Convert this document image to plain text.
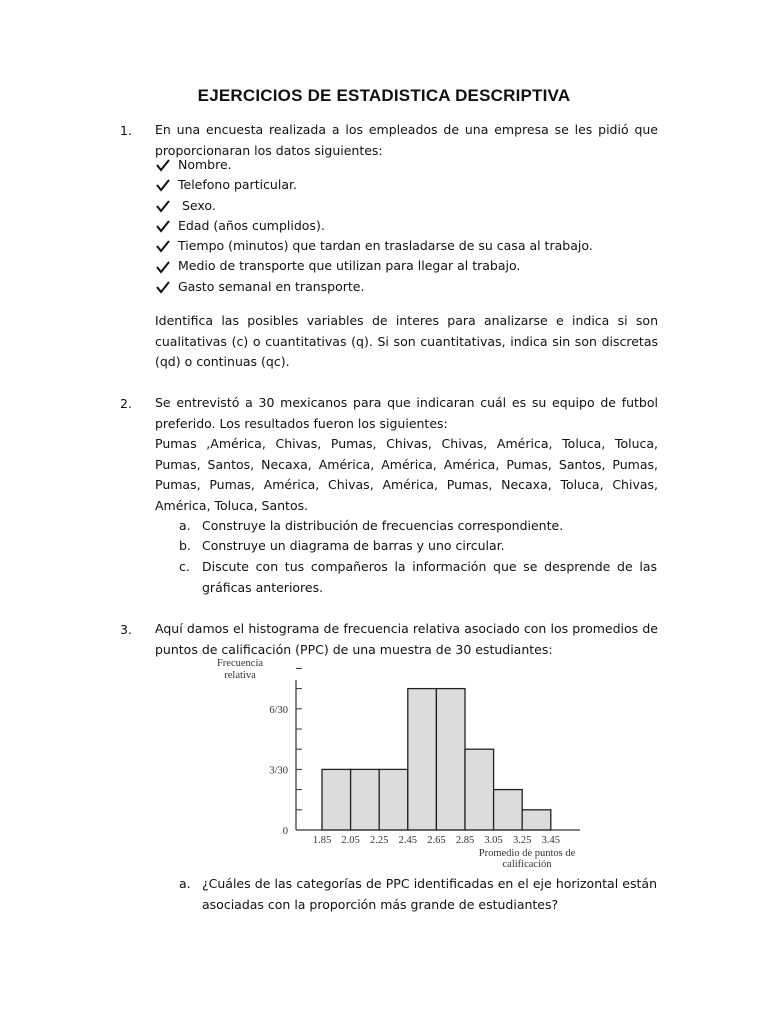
EJERCICIOS DE ESTADISTICA DESCRIPTIVA
1. En una encuesta realizada a los empleados de una empresa se les pidió que
proporcionaran los datos siguientes:
Nombre.
Telefono particular.
Sexo.
Edad (años cumplidos).
Tiempo (minutos) que tardan en trasladarse de su casa al trabajo.
Medio de transporte que utilizan para llegar al trabajo.
Gasto semanal en transporte.
Identifica las posibles variables de interes para analizarse e indica si son
cualitativas (c) o cuantitativas (q). Si son cuantitativas, indica sin son discretas
(qd) o continuas (qc).
2. Se entrevistó a 30 mexicanos para que indicaran cuál es su equipo de futbol
preferido. Los resultados fueron los siguientes:
Pumas ,América, Chivas, Pumas, Chivas, Chivas, América, Toluca, Toluca,
Pumas, Santos, Necaxa, América, América, América, Pumas, Santos, Pumas,
Pumas, Pumas, América, Chivas, América, Pumas, Necaxa, Toluca, Chivas,
América, Toluca, Santos.
a. Construye la distribución de frecuencias correspondiente.
b. Construye un diagrama de barras y uno circular.
c. Discute con tus compañeros la información que se desprende de las
gráficas anteriores.
3. Aquí damos el histograma de frecuencia relativa asociado con los promedios de
puntos de calificación (PPC) de una muestra de 30 estudiantes:
Frecuencia
relativa
0
3/30
6/30
1.85 2.05 2.25 2.45 2.65 2.85 3.05 3.25 3.45
Promedio de puntos de
calificación
a. ¿Cuáles de las categorías de PPC identificadas en el eje horizontal están
asociadas con la proporción más grande de estudiantes?
